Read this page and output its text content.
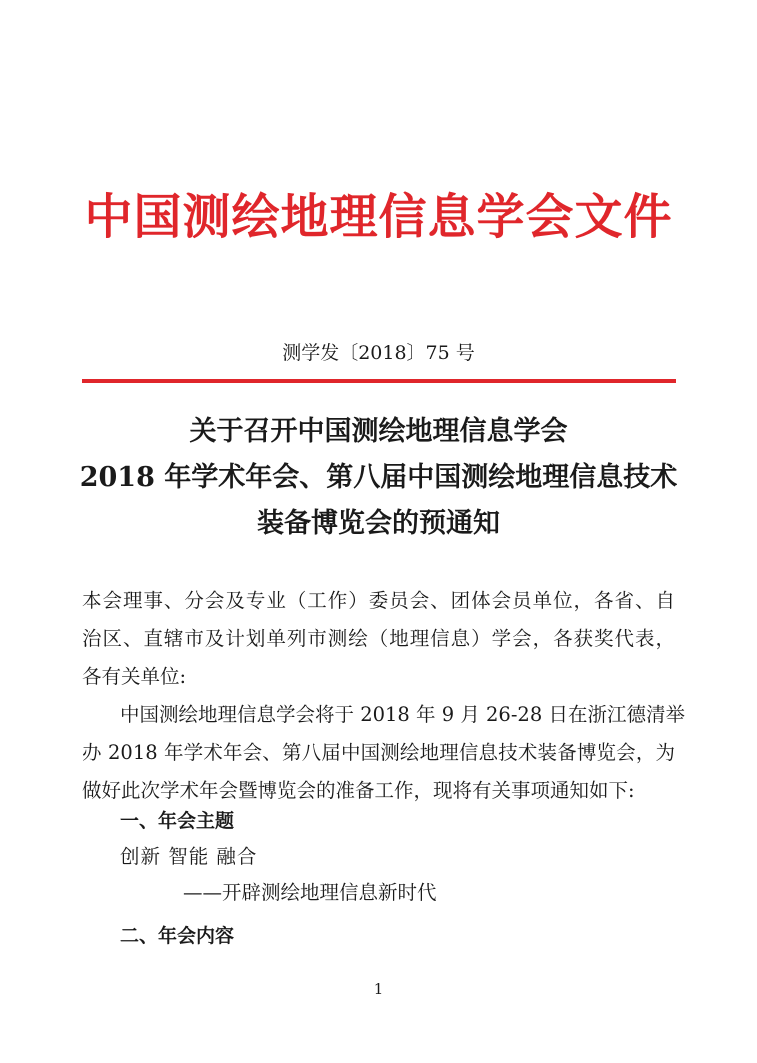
中国测绘地理信息学会文件
测学发〔2018〕75 号
关于召开中国测绘地理信息学会
2018 年学术年会、第八届中国测绘地理信息技术
装备博览会的预通知
本会理事、分会及专业（工作）委员会、团体会员单位，各省、自
治区、直辖市及计划单列市测绘（地理信息）学会，各获奖代表，
各有关单位:
中国测绘地理信息学会将于 2018 年 9 月 26-28 日在浙江德清举
办 2018 年学术年会、第八届中国测绘地理信息技术装备博览会，为
做好此次学术年会暨博览会的准备工作，现将有关事项通知如下:
一、年会主题
创新 智能 融合
——开辟测绘地理信息新时代
二、年会内容
1
